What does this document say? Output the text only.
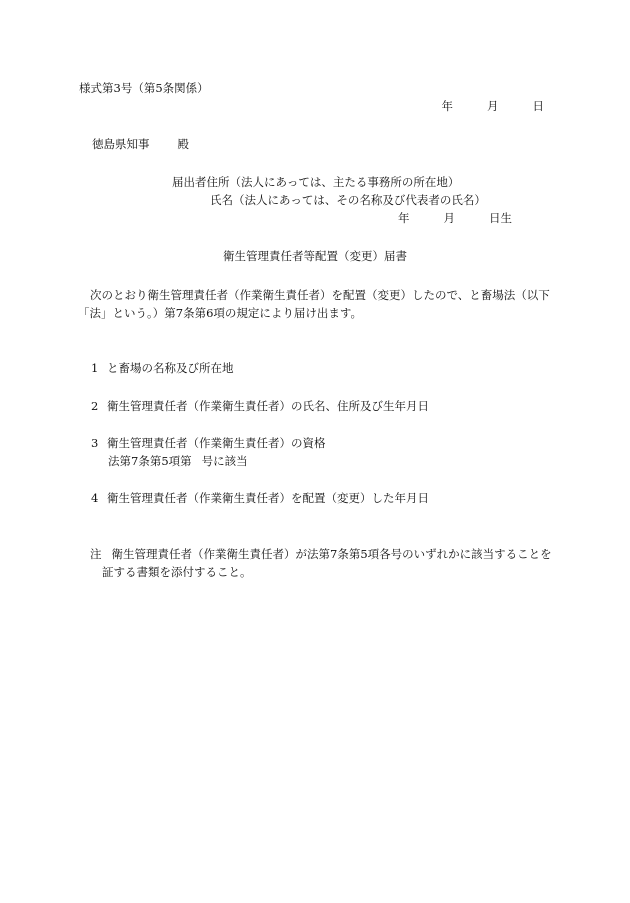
様式第3号（第5条関係）
年	月	日
徳島県知事 殿
届出者住所（法人にあっては、主たる事務所の所在地）
氏名（法人にあっては、その名称及び代表者の氏名）
年	月	日生
衛生管理責任者等配置（変更）届書
次のとおり衛生管理責任者（作業衛生責任者）を配置（変更）したので、と畜場法（以下「法」という。）第7条第6項の規定により届け出ます。
1 と畜場の名称及び所在地
2 衛生管理責任者（作業衛生責任者）の氏名、住所及び生年月日
3 衛生管理責任者（作業衛生責任者）の資格
法第7条第5項第 号に該当
4 衛生管理責任者（作業衛生責任者）を配置（変更）した年月日
注 衛生管理責任者（作業衛生責任者）が法第7条第5項各号のいずれかに該当することを
証する書類を添付すること。
